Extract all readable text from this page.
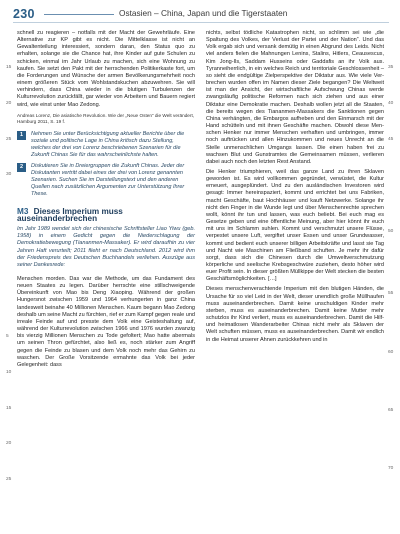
230	Ostasien – China, Japan und die Tigerstaaten

schnell zu reagieren – notfalls mit der Macht der Gewehrläufe. Eine Alternative zur KP gibt es nicht. Die Mittelklasse ist nicht an Gewaltenteilung interessiert, sondern daran, den Status quo zu erhalten, solange sie die Chance hat, ihre Kinder auf gute Schulen zu schicken, einmal im Jahr Urlaub zu machen, sich eine Wohnung zu kaufen. Sie setzt den Pakt mit der herrschenden Politikerkaste fort, um die Forderungen und Wünsche der armen Bevölkerungsmehrheit noch einem größeren Stück vom Wohlstandskuchen abzuwehren. Sie will verhindern, dass China wieder in die blutigen Turbulenzen der Kulturrevolution zurückfällt, gar wieder von Arbeitern und Bauern regiert wird, wie einst unter Mao Zedong.

Andreas Lorenz, Die asiatische Revolution. Wie der „Neue Osten“ die Welt verändert, Hamburg 2011, S. 19 f.
1	Nehmen Sie unter Berücksichtigung aktueller Berichte über die soziale und politische Lage in China kritisch dazu Stellung, welches der drei von Lorenz beschriebenen Szenarien für die Zukunft Chinas Sie für das wahrscheinlichste halten.
2	Diskutieren Sie in Dreiergruppen die Zukunft Chinas. Jeder der Diskutanten vertritt dabei eines der drei von Lorenz genannten Szenarien. Suchen Sie im Darstellungstext und den anderen Quellen nach zusätzlichen Argumenten zur Unterstützung Ihrer These.
M3 Dieses Imperium muss auseinanderbrechen

Im Jahr 1989 wendet sich der chinesische Schriftsteller Liao Yiwu (geb. 1958) in einem Gedicht gegen die Niederschlagung der Demokratiebewegung (Tiananmen-Massaker). Er wird daraufhin zu vier Jahren Haft verurteilt; 2011 flieht er nach Deutschland. 2012 wird ihm der Friedenspreis des Deutschen Buchhandels verliehen. Auszüge aus seiner Dankesrede:

Menschen morden. Das war die Methode, um das Fundament des neuen Staates zu legen. Darüber herrschte eine stillschweigende Übereinkunft von Mao bis Deng Xiaoping. Während der großen Hungersnot zwischen 1959 und 1964 verhungerten in ganz China landesweit beinahe 40 Millionen Menschen. Kaum begann Mao Zedong deshalb um seine Macht zu fürchten, rief er zum Kampf gegen reale und irreale Feinde auf und presste dem Volk eine Geisteshaltung auf, während der Kulturrevolution zwischen 1966 und 1976 wurden zwanzig bis vierzig Millionen Menschen zu Tode gefoltert; Mao hatte abermals um seinen Thron gefürchtet, also ließ es, noch stärker zum Angriff gegen die Feinde zu blasen und dem Volk noch mehr das Gehirn zu waschen. Der Große Vorsitzende ermahnte das Volk bei jeder Gelegenheit: dass

nichts, selbst tödliche Katastrophen nicht, so schlimm sei wie „die Spaltung des Volkes, der Verlust der Partei und der Nation“. Und das Volk ergab sich und versank demütig in einen Abgrund des Leids. Nicht viel anders fielen die Mahnungen Lenins, Stalins, Hitlers, Ceausescus, Kim Jong-Ils, Saddam Husseins oder Gaddafis an ihr Volk aus. Tyranneiherrlich, in ein welches Reich und territoriale Geschlossenheit – so sieht die endgültige Zielperspektive der Diktatur aus. Wie viele Verbrechen wurden offen im Namen dieser Ziele begangen? Die Weltweit ist man der Ansicht, der wirtschaftliche Aufschwung Chinas werde zwangsläufig politische Reformen nach sich ziehen und aus einer Diktatur eine Demokratie machen. Deshalb wollen jetzt all die Staaten, die bereits wegen des Tiananmen-Massakers die Sanktionen gegen China verhängten, die Embargos aufheben und den Einmarsch mit der Hand schütteln und mit ihnen Geschäfte machen. Obwohl diese Menschen Henker nur immer Menschen verhaften und umbringen, immer noch auftrücken und allen Hinzukommen und neues Unrecht an die Stelle unmenschlichen Umgangs lassen. Die einen haben frei zu wachsen Blut und Gunstramtes die Gemeinsamen müssen, verlieren dabei auch noch den letzten Rest Anstand.

Die Henker triumphieren, weil das ganze Land zu ihren Sklaven geworden ist. Es wird vollkommen gegründet, verwüstet, die Kultur erneuert, ausgeplündert. Und zu den ausländischen Investoren wird gesagt: Immer hereinspaziert, kommt und errichtet bei uns Fabriken, macht Geschäfte, baut Hochhäuser und kauft Netzwerke. Solange ihr nicht den Finger in die Wunde legt und über Menschenrechte sprechen wollt, könnt ihr tun und lassen, was euch beliebt. Bei euch mag es Gesetze geben und eine öffentliche Meinung, aber hier könnt ihr euch mit uns im Schlamm suhlen. Kommt und verschmutzt unsere Flüsse, verpestet unsere Luft, vergiftet unser Essen und unser Grundwasser, kommt und bedient euch unserer billigen Arbeitskräfte und lasst sie Tag und Nacht wie Maschinen am Fließband schuften. Je mehr ihr dafür sorgt, dass sich die Chinesen durch die Umweltverschmutzung körperliche und seelische Krebsgeschwüre zuziehen, desto höher wird euer Profit sein. In dieser größten Müllkippe der Welt stecken die besten Geschäftsmöglichkeiten. […]

Dieses menschenverachtende Imperium mit den blutigen Händen, die Ursache für so viel Leid in der Welt, dieser unendlich große Müllhaufen muss auseinanderbrechen. Damit keine unschuldigen Kinder mehr sterben, muss es auseinanderbrechen. Damit keine Mutter mehr schutzlos ihr Kind verliert, muss es auseinanderbrechen. Damit die Hilf- und heimatlosen Wanderarbeiter Chinas nicht mehr als Sklaven der Welt schuften müssen, muss es auseinanderbrechen. Damit wir endlich in die Heimat unserer Ahnen zurückkehren und in

15
20
25
30
5
10
15
20
25
35
40
45
50
55
60
65
70
